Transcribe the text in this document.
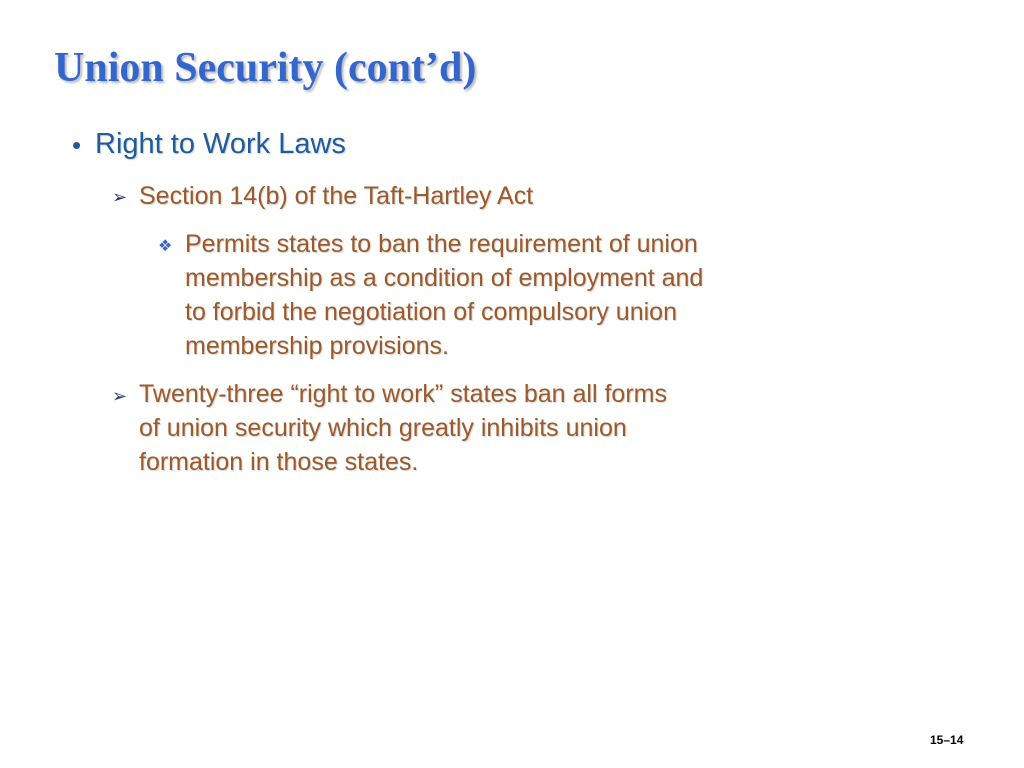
Union Security (cont’d)
• Right to Work Laws
➢ Section 14(b) of the Taft-Hartley Act
❖ Permits states to ban the requirement of union
membership as a condition of employment and
to forbid the negotiation of compulsory union
membership provisions.
➢ Twenty-three “right to work” states ban all forms
of union security which greatly inhibits union
formation in those states.
15–14
